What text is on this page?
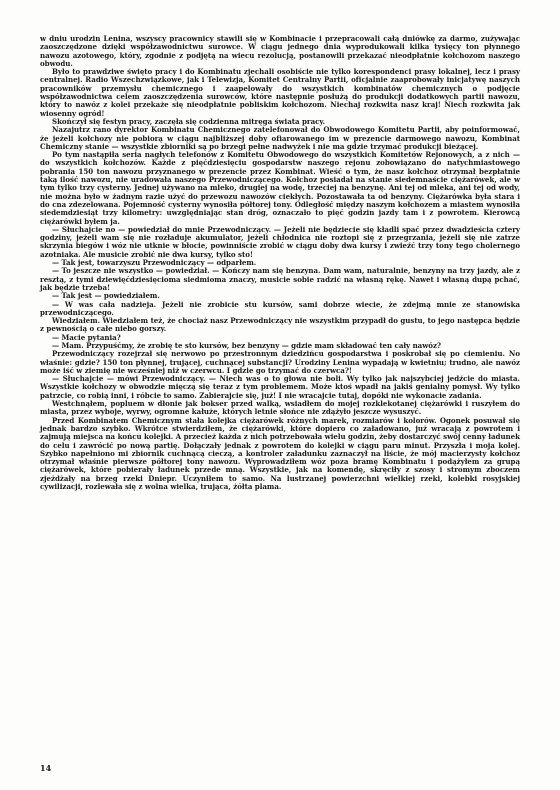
w dniu urodzin Lenina, wszyscy pracownicy stawili się w Kombinacie i przepracowali całą dniówkę za darmo, zużywając zaoszczędzone dzięki współzawodnictwu surowce. W ciągu jednego dnia wyprodukowali kilka tysięcy ton płynnego nawozu azotowego, który, zgodnie z podjętą na wiecu rezolucją, postanowili przekazać nieodpłatnie kołchozom naszego obwodu.

Było to prawdziwe święto pracy i do Kombinatu zjechali osobiście nie tylko korespondenci prasy lokalnej, lecz i prasy centralnej. Radio Wszechzwiązkowe, jak i Telewizja, Komitet Centralny Partii, oficjalnie zaaprobowały inicjatywę naszych pracowników przemysłu chemicznego i zaapelowały do wszystkich kombinatów chemicznych o podjęcie współzawodnictwa celem zaoszczędzenia surowców, które następnie posłużą do produkcji dodatkowych partii nawozu, który to nawóz z kolei przekaże się nieodpłatnie pobliskim kołchozom. Niechaj rozkwita nasz kraj! Niech rozkwita jak wiosenny ogród!

Skończył się festyn pracy, zaczęła się codzienna mitręga świata pracy.

Nazajutrz rano dyrektor Kombinatu Chemicznego zatelefonował do Obwodowego Komitetu Partii, aby poinformować, że jeżeli kołchozy nie pobiorą w ciągu najbliższej doby ofiarowanego im w prezencie darmowego nawozu, Kombinat Chemiczny stanie — wszystkie zbiorniki są po brzegi pełne nadwyżek i nie ma gdzie trzymać produkcji bieżącej.

Po tym nastąpiła seria nagłych telefonów z Komitetu Obwodowego do wszystkich Komitetów Rejonowych, a z nich — do wszystkich kołchozów. Każde z pięćdziesięciu gospodarstw naszego rejonu zobowiązano do natychmiastowego pobrania 150 ton nawozu przyznanego w prezencie przez Kombinat. Wieść o tym, że nasz kołchoz otrzymał bezpłatnie taką ilość nawozu, nie uradowała naszego Przewodniczącego. Kołchoz posiadał na stanie siedemnaście ciężarówek, ale w tym tylko trzy cysterny. Jednej używano na mleko, drugiej na wodę, trzeciej na benzynę. Ani tej od mleka, ani tej od wody, nie można było w żadnym razie użyć do przewozu nawozów ciekłych. Pozostawała ta od benzyny. Ciężarówka była stara i do cna zdezelowana. Pojemność cysterny wynosiła półtorej tony. Odległość między naszym kołchozem a miastem wynosiła siedemdziesiąt trzy kilometry: uwzględniając stan dróg, oznaczało to pięć godzin jazdy tam i z powrotem. Kierowcą ciężarówki byłem ja.

— Słuchajcie no — powiedział do mnie Przewodniczący. — Jeżeli nie będziecie się kładli spać przez dwadzieścia cztery godziny, jeżeli wam się nie rozładuje akumulator, jeżeli chłodnica nie roztopi się z przegrzania, jeżeli się nie zatrze skrzynia biegów i wóz nie utknie w błocie, powinniście zrobić w ciągu doby dwa kursy i zwieźć trzy tony tego cholernego azotniaka. Ale musicie zrobić nie dwa kursy, tylko sto!

— Tak jest, towarzyszu Przewodniczący — odparłem.

— To jeszcze nie wszystko — powiedział. — Kończy nam się benzyna. Dam wam, naturalnie, benzyny na trzy jazdy, ale z resztą, z tymi dziewięćdziesięcioma siedmioma znaczy, musicie sobie radzić na własną rękę. Nawet i własną dupą pchać, jak będzie trzeba!

— Tak jest — powiedziałem.

— W was cała nadzieja. Jeżeli nie zrobicie stu kursów, sami dobrze wiecie, że zdejmą mnie ze stanowiska przewodniczącego.

Wiedziałem. Wiedziałem też, że chociaż nasz Przewodniczący nie wszystkim przypadł do gustu, to jego następca będzie z pewnością o całe niebo gorszy.

— Macie pytania?

— Mam. Przypuśćmy, że zrobię te sto kursów, bez benzyny — gdzie mam składować ten cały nawóz?

Przewodniczący rozejrzał się nerwowo po przestronnym dziedzińcu gospodarstwa i poskrobał się po ciemieniu. No właśnie: gdzie? 150 ton płynnej, trującej, cuchnącej substancji? Urodziny Lenina wypadają w kwietniu; trudno, ale nawóz może iść w ziemię nie wcześniej niż w czerwcu. I gdzie go trzymać do czerwca?!

— Słuchajcie — mówi Przewodniczący. — Niech was o to głowa nie boli. Wy tylko jak najszybciej jedźcie do miasta. Wszystkie kołchozy w obwodzie mięczą się teraz z tym problemem. Może ktoś wpadł na jakiś genialny pomysł. Wy tylko patrzcie, co robią inni, i róbcie to samo. Zabierajcie się, już! I nie wracajcie tutaj, dopóki nie wykonacie zadania.

Westchnąłem, popluem w dłonie jak bokser przed walką, wsiadłem do mojej rozklekotanej ciężarówki i ruszyłem do miasta, przez wyboje, wyrwy, ogromne kałuże, których letnie słońce nie zdążyło jeszcze wysuszyć.

Przed Kombinatem Chemicznym stała kolejka ciężarówek różnych marek, rozmiarów i kolorów. Ogonek posuwał się jednak bardzo szybko. Wkrótce stwierdziłem, że ciężarówki, które dopiero co załadowano, już wracają z powrotem i zajmują miejsca na końcu kolejki. A przecież każda z nich potrzebowała wielu godzin, żeby dostarczyć swój cenny ładunek do celu i zawrócić po nową partię. Dołączały jednak z powrotem do kolejki w ciągu paru minut. Przyszła i moja kolej. Szybko napełniono mi zbiornik cuchnącą cieczą, a kontroler załadunku zaznaczył na liście, że mój macierzysty kołchoz otrzymał właśnie pierwsze półtorej tony nawozu. Wyprowadziłem wóz poza bramę Kombinatu i podążyłem za grupą ciężarówek, które pobierały ładunek przede mną. Wszystkie, jak na komendę, skręciły z szosy i stromym zboczem zjeżdżały na brzeg rzeki Dniepr. Uczyniłem to samo. Na lustrzanej powierzchni wielkiej rzeki, kolebki rosyjskiej cywilizacji, rozlewała się z wolna wielka, trująca, żółta plama.

14
